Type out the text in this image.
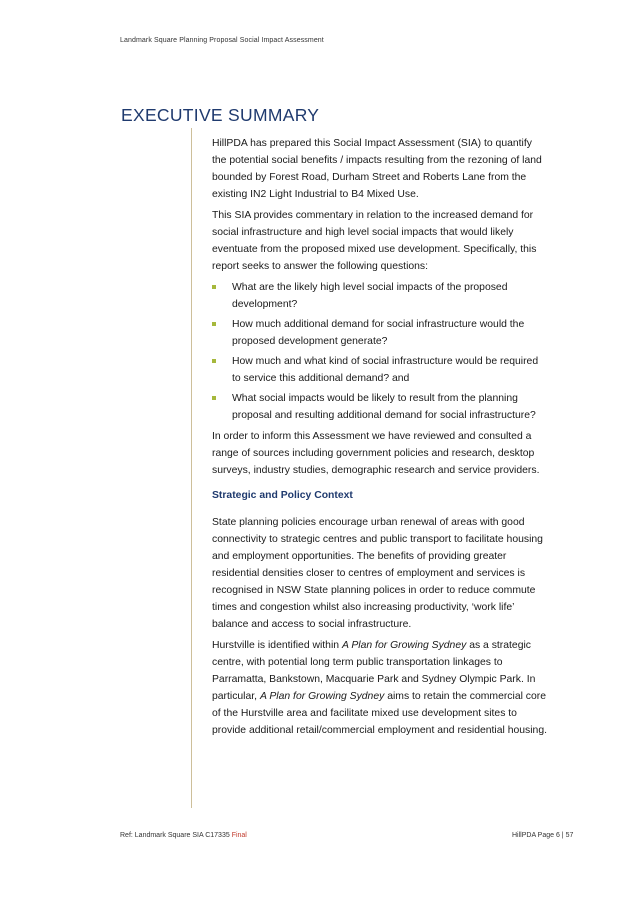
Landmark Square Planning Proposal Social Impact Assessment
EXECUTIVE SUMMARY

HillPDA has prepared this Social Impact Assessment (SIA) to quantify the potential social benefits / impacts resulting from the rezoning of land bounded by Forest Road, Durham Street and Roberts Lane from the existing IN2 Light Industrial to B4 Mixed Use.

This SIA provides commentary in relation to the increased demand for social infrastructure and high level social impacts that would likely eventuate from the proposed mixed use development. Specifically, this report seeks to answer the following questions:

What are the likely high level social impacts of the proposed development?
How much additional demand for social infrastructure would the proposed development generate?
How much and what kind of social infrastructure would be required to service this additional demand? and
What social impacts would be likely to result from the planning proposal and resulting additional demand for social infrastructure?

In order to inform this Assessment we have reviewed and consulted a range of sources including government policies and research, desktop surveys, industry studies, demographic research and service providers.

Strategic and Policy Context

State planning policies encourage urban renewal of areas with good connectivity to strategic centres and public transport to facilitate housing and employment opportunities. The benefits of providing greater residential densities closer to centres of employment and services is recognised in NSW State planning polices in order to reduce commute times and congestion whilst also increasing productivity, ‘work life’ balance and access to social infrastructure.

Hurstville is identified within A Plan for Growing Sydney as a strategic centre, with potential long term public transportation linkages to Parramatta, Bankstown, Macquarie Park and Sydney Olympic Park. In particular, A Plan for Growing Sydney aims to retain the commercial core of the Hurstville area and facilitate mixed use development sites to provide additional retail/commercial employment and residential housing.

Ref: Landmark Square SIA C17335 Final	HillPDA Page 6 | 57
